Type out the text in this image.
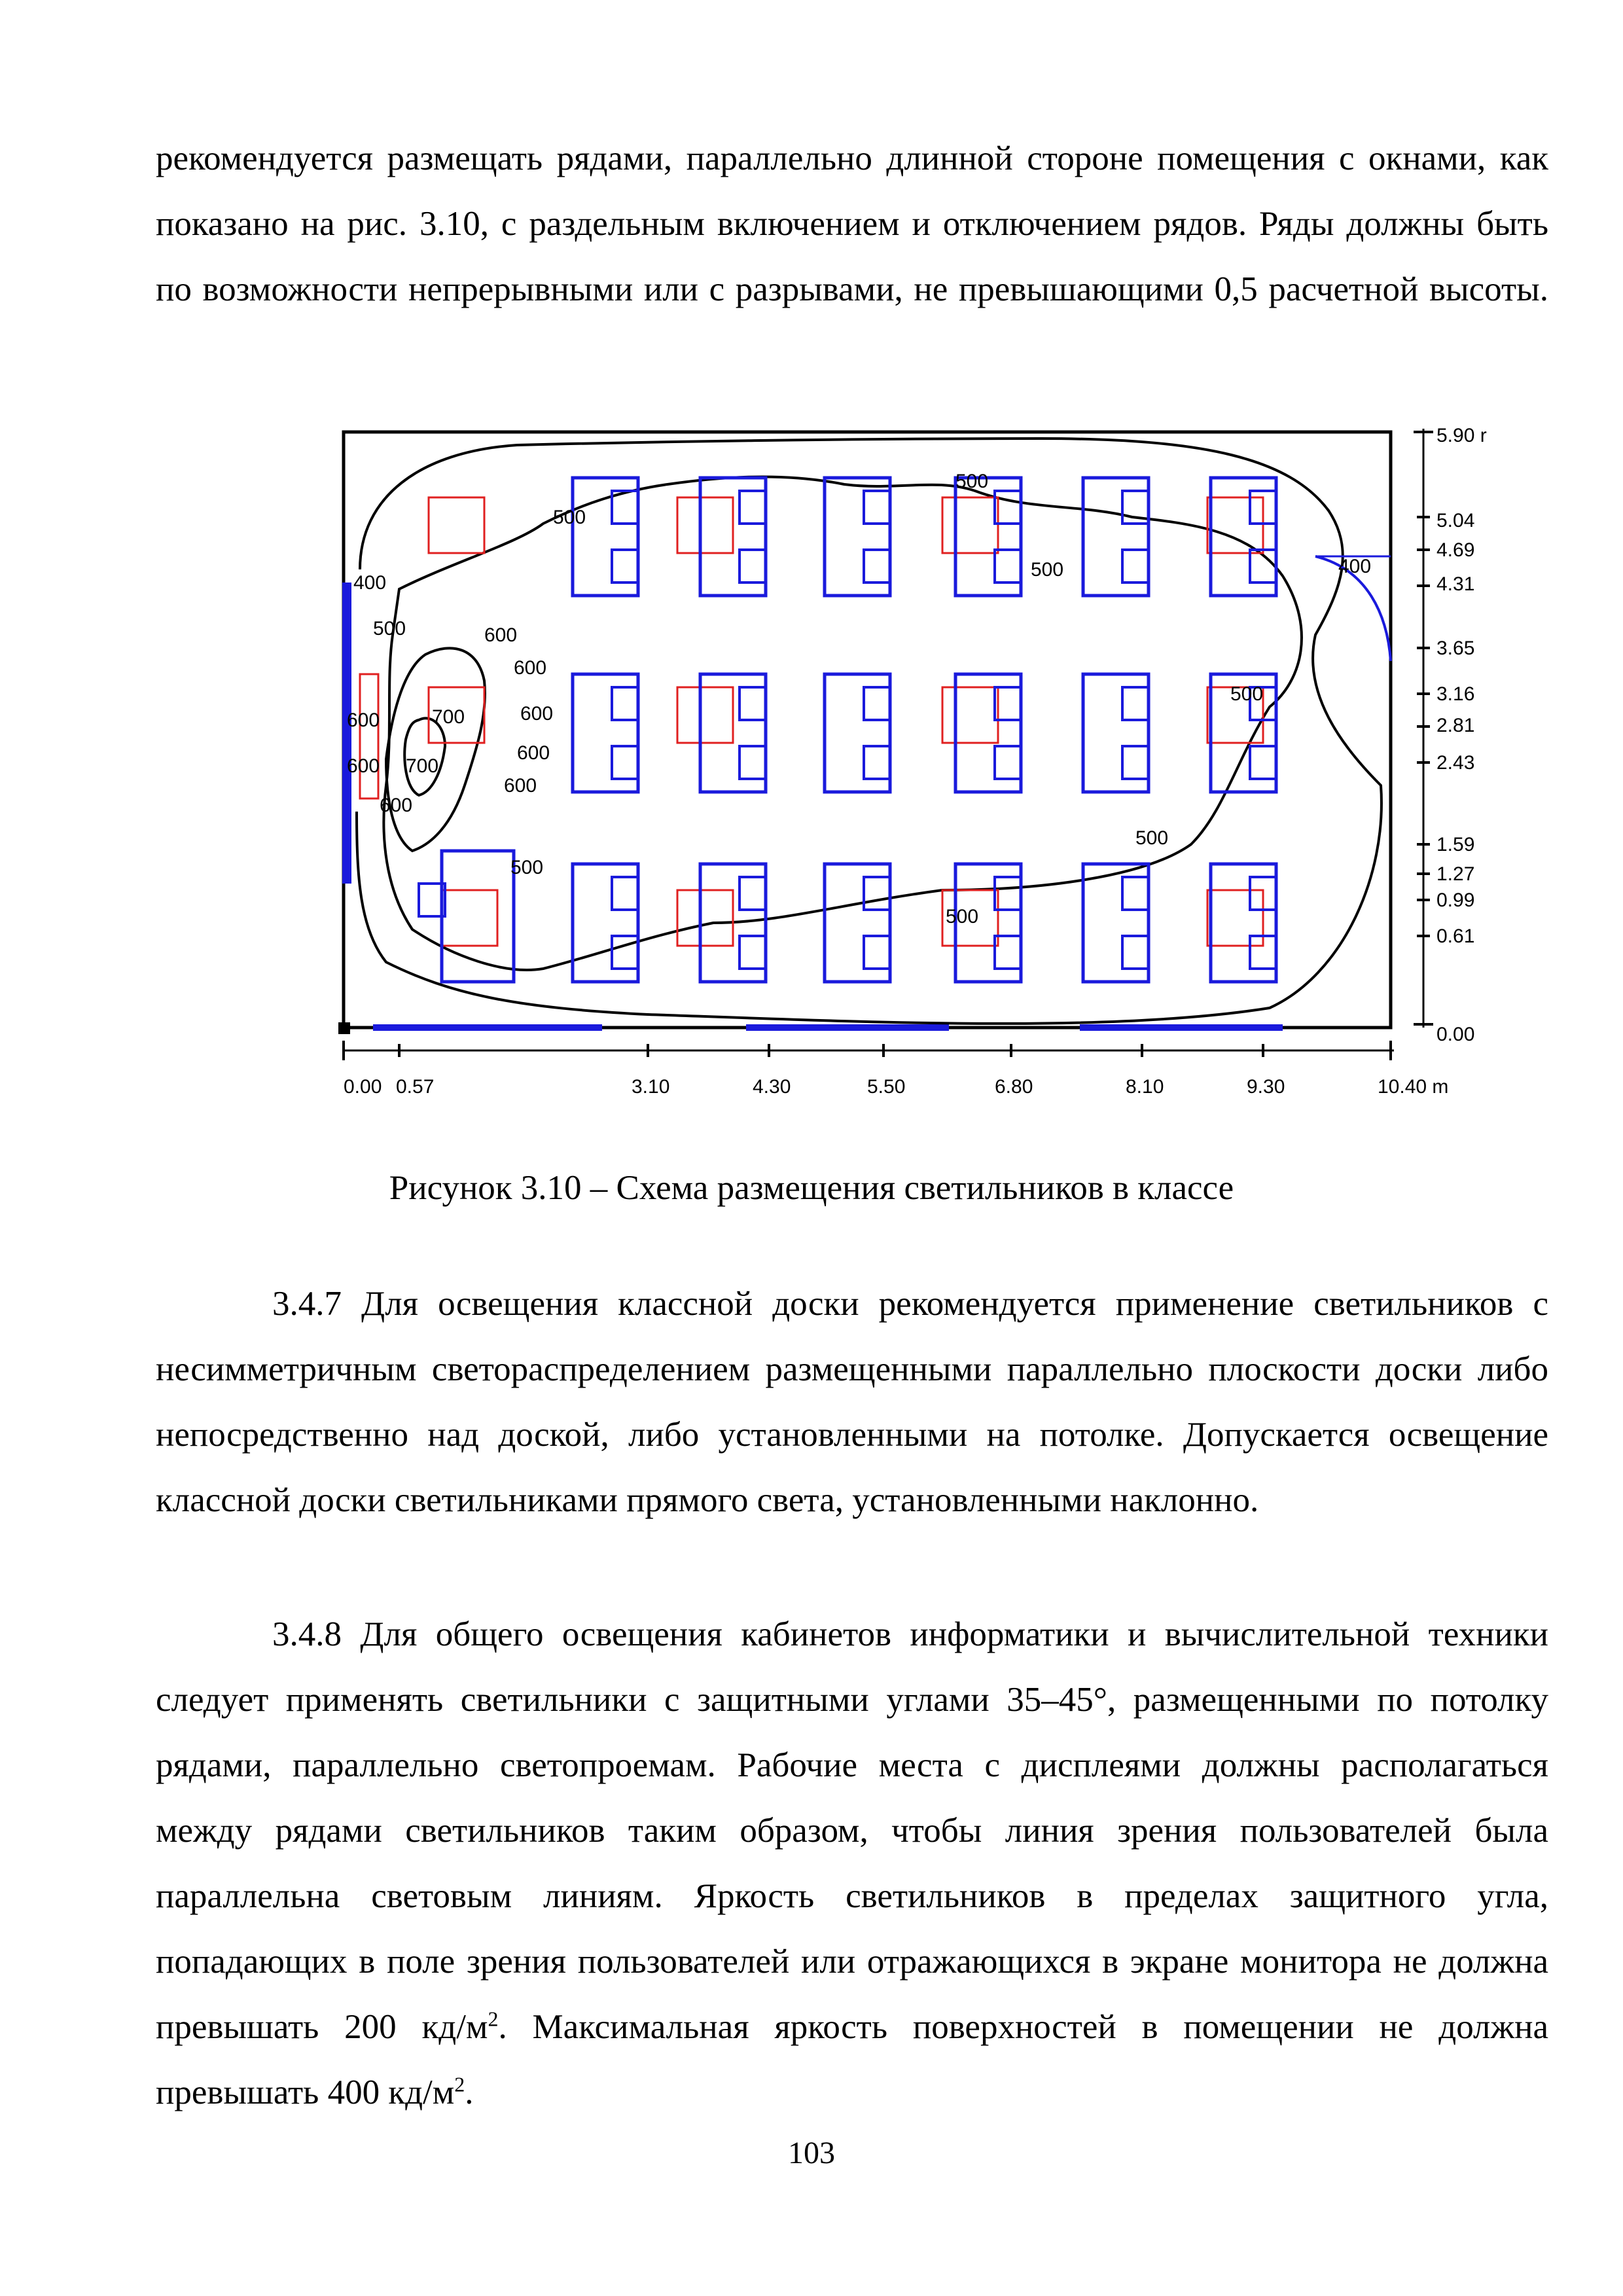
рекомендуется размещать рядами, параллельно длинной стороне помещения с окнами, как показано на рис. 3.10, с раздельным включением и отключением рядов. Ряды должны быть по возможности непрерывными или с разрывами, не превышающими 0,5 расчетной высоты.

500
500
500	400
400
500	600
600
600	700	600
600 700
600
600
600
500
500
500
500
0.00 0.57	3.10	4.30	5.50	6.80	8.10	9.30	10.40 m
5.90 r
5.04
4.69
4.31
3.65
3.16
2.81
2.43
1.59
1.27
0.99
0.61
0.00
Рисунок 3.10 – Схема размещения светильников в классе

3.4.7 Для освещения классной доски рекомендуется применение светильников с несимметричным светораспределением размещенными параллельно плоскости доски либо непосредственно над доской, либо установленными на потолке. Допускается освещение классной доски светильниками прямого света, установленными наклонно.

3.4.8 Для общего освещения кабинетов информатики и вычислительной техники следует применять светильники с защитными углами 35–45°, размещенными по потолку рядами, параллельно светопроемам. Рабочие места с дисплеями должны располагаться между рядами светильников таким образом, чтобы линия зрения пользователей была параллельна световым линиям. Яркость светильников в пределах защитного угла, попадающих в поле зрения пользователей или отражающихся в экране монитора не должна превышать 200 $кд/м^2$. Максимальная яркость поверхностей в помещении не должна превышать 400 $кд/м^2$.

103
